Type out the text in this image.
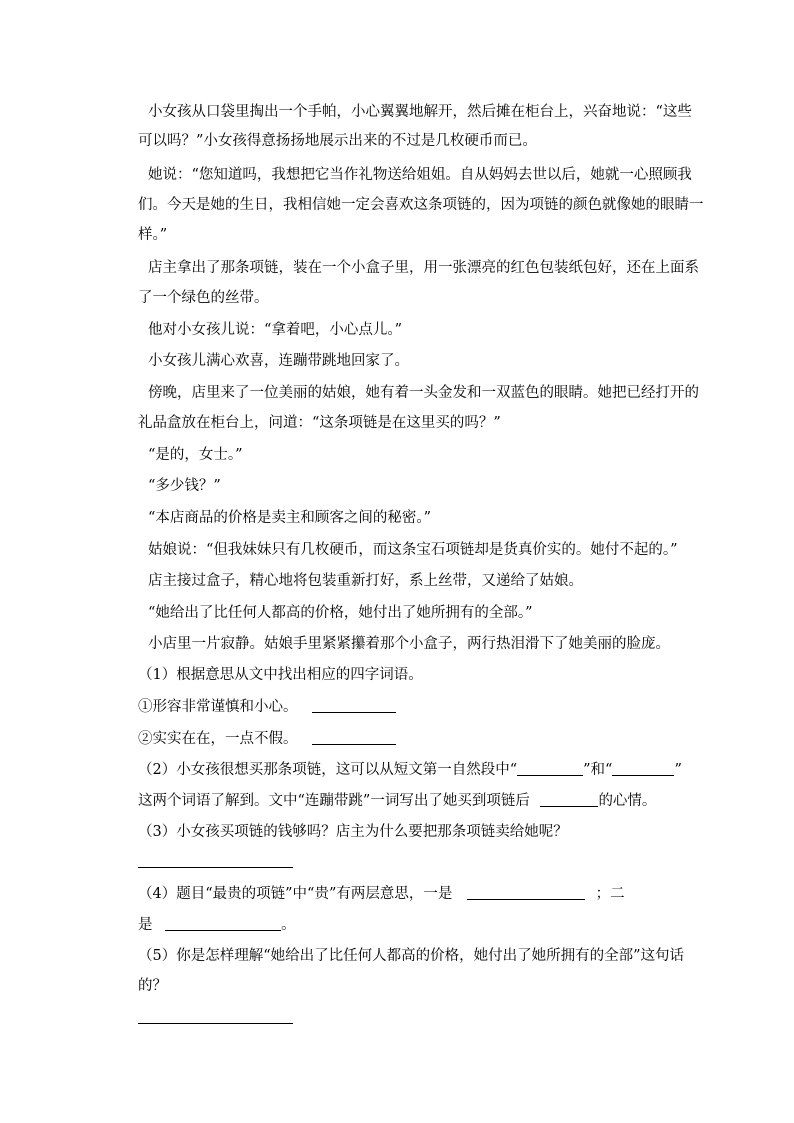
小女孩从口袋里掏出一个手帕，小心翼翼地解开，然后摊在柜台上，兴奋地说：“这些
可以吗？”小女孩得意扬扬地展示出来的不过是几枚硬币而已。
她说：“您知道吗，我想把它当作礼物送给姐姐。自从妈妈去世以后，她就一心照顾我
们。今天是她的生日，我相信她一定会喜欢这条项链的，因为项链的颜色就像她的眼睛一
样。”
店主拿出了那条项链，装在一个小盒子里，用一张漂亮的红色包装纸包好，还在上面系
了一个绿色的丝带。
他对小女孩儿说：“拿着吧，小心点儿。”
小女孩儿满心欢喜，连蹦带跳地回家了。
傍晚，店里来了一位美丽的姑娘，她有着一头金发和一双蓝色的眼睛。她把已经打开的
礼品盒放在柜台上，问道：“这条项链是在这里买的吗？”
“是的，女士。”
“多少钱？”
“本店商品的价格是卖主和顾客之间的秘密。”
姑娘说：“但我妹妹只有几枚硬币，而这条宝石项链却是货真价实的。她付不起的。”
店主接过盒子，精心地将包装重新打好，系上丝带，又递给了姑娘。
“她给出了比任何人都高的价格，她付出了她所拥有的全部。”
小店里一片寂静。姑娘手里紧紧攥着那个小盒子，两行热泪滑下了她美丽的脸庞。
（1）根据意思从文中找出相应的四字词语。
①形容非常谨慎和小心。
②实实在在，一点不假。
（2）小女孩很想买那条项链，这可以从短文第一自然段中“	”和“	”
这两个词语了解到。文中“连蹦带跳”一词写出了她买到项链后	的心情。
（3）小女孩买项链的钱够吗？店主为什么要把那条项链卖给她呢？
（4）题目“最贵的项链”中“贵”有两层意思，一是	；二
是	。
（5）你是怎样理解“她给出了比任何人都高的价格，她付出了她所拥有的全部”这句话
的？
